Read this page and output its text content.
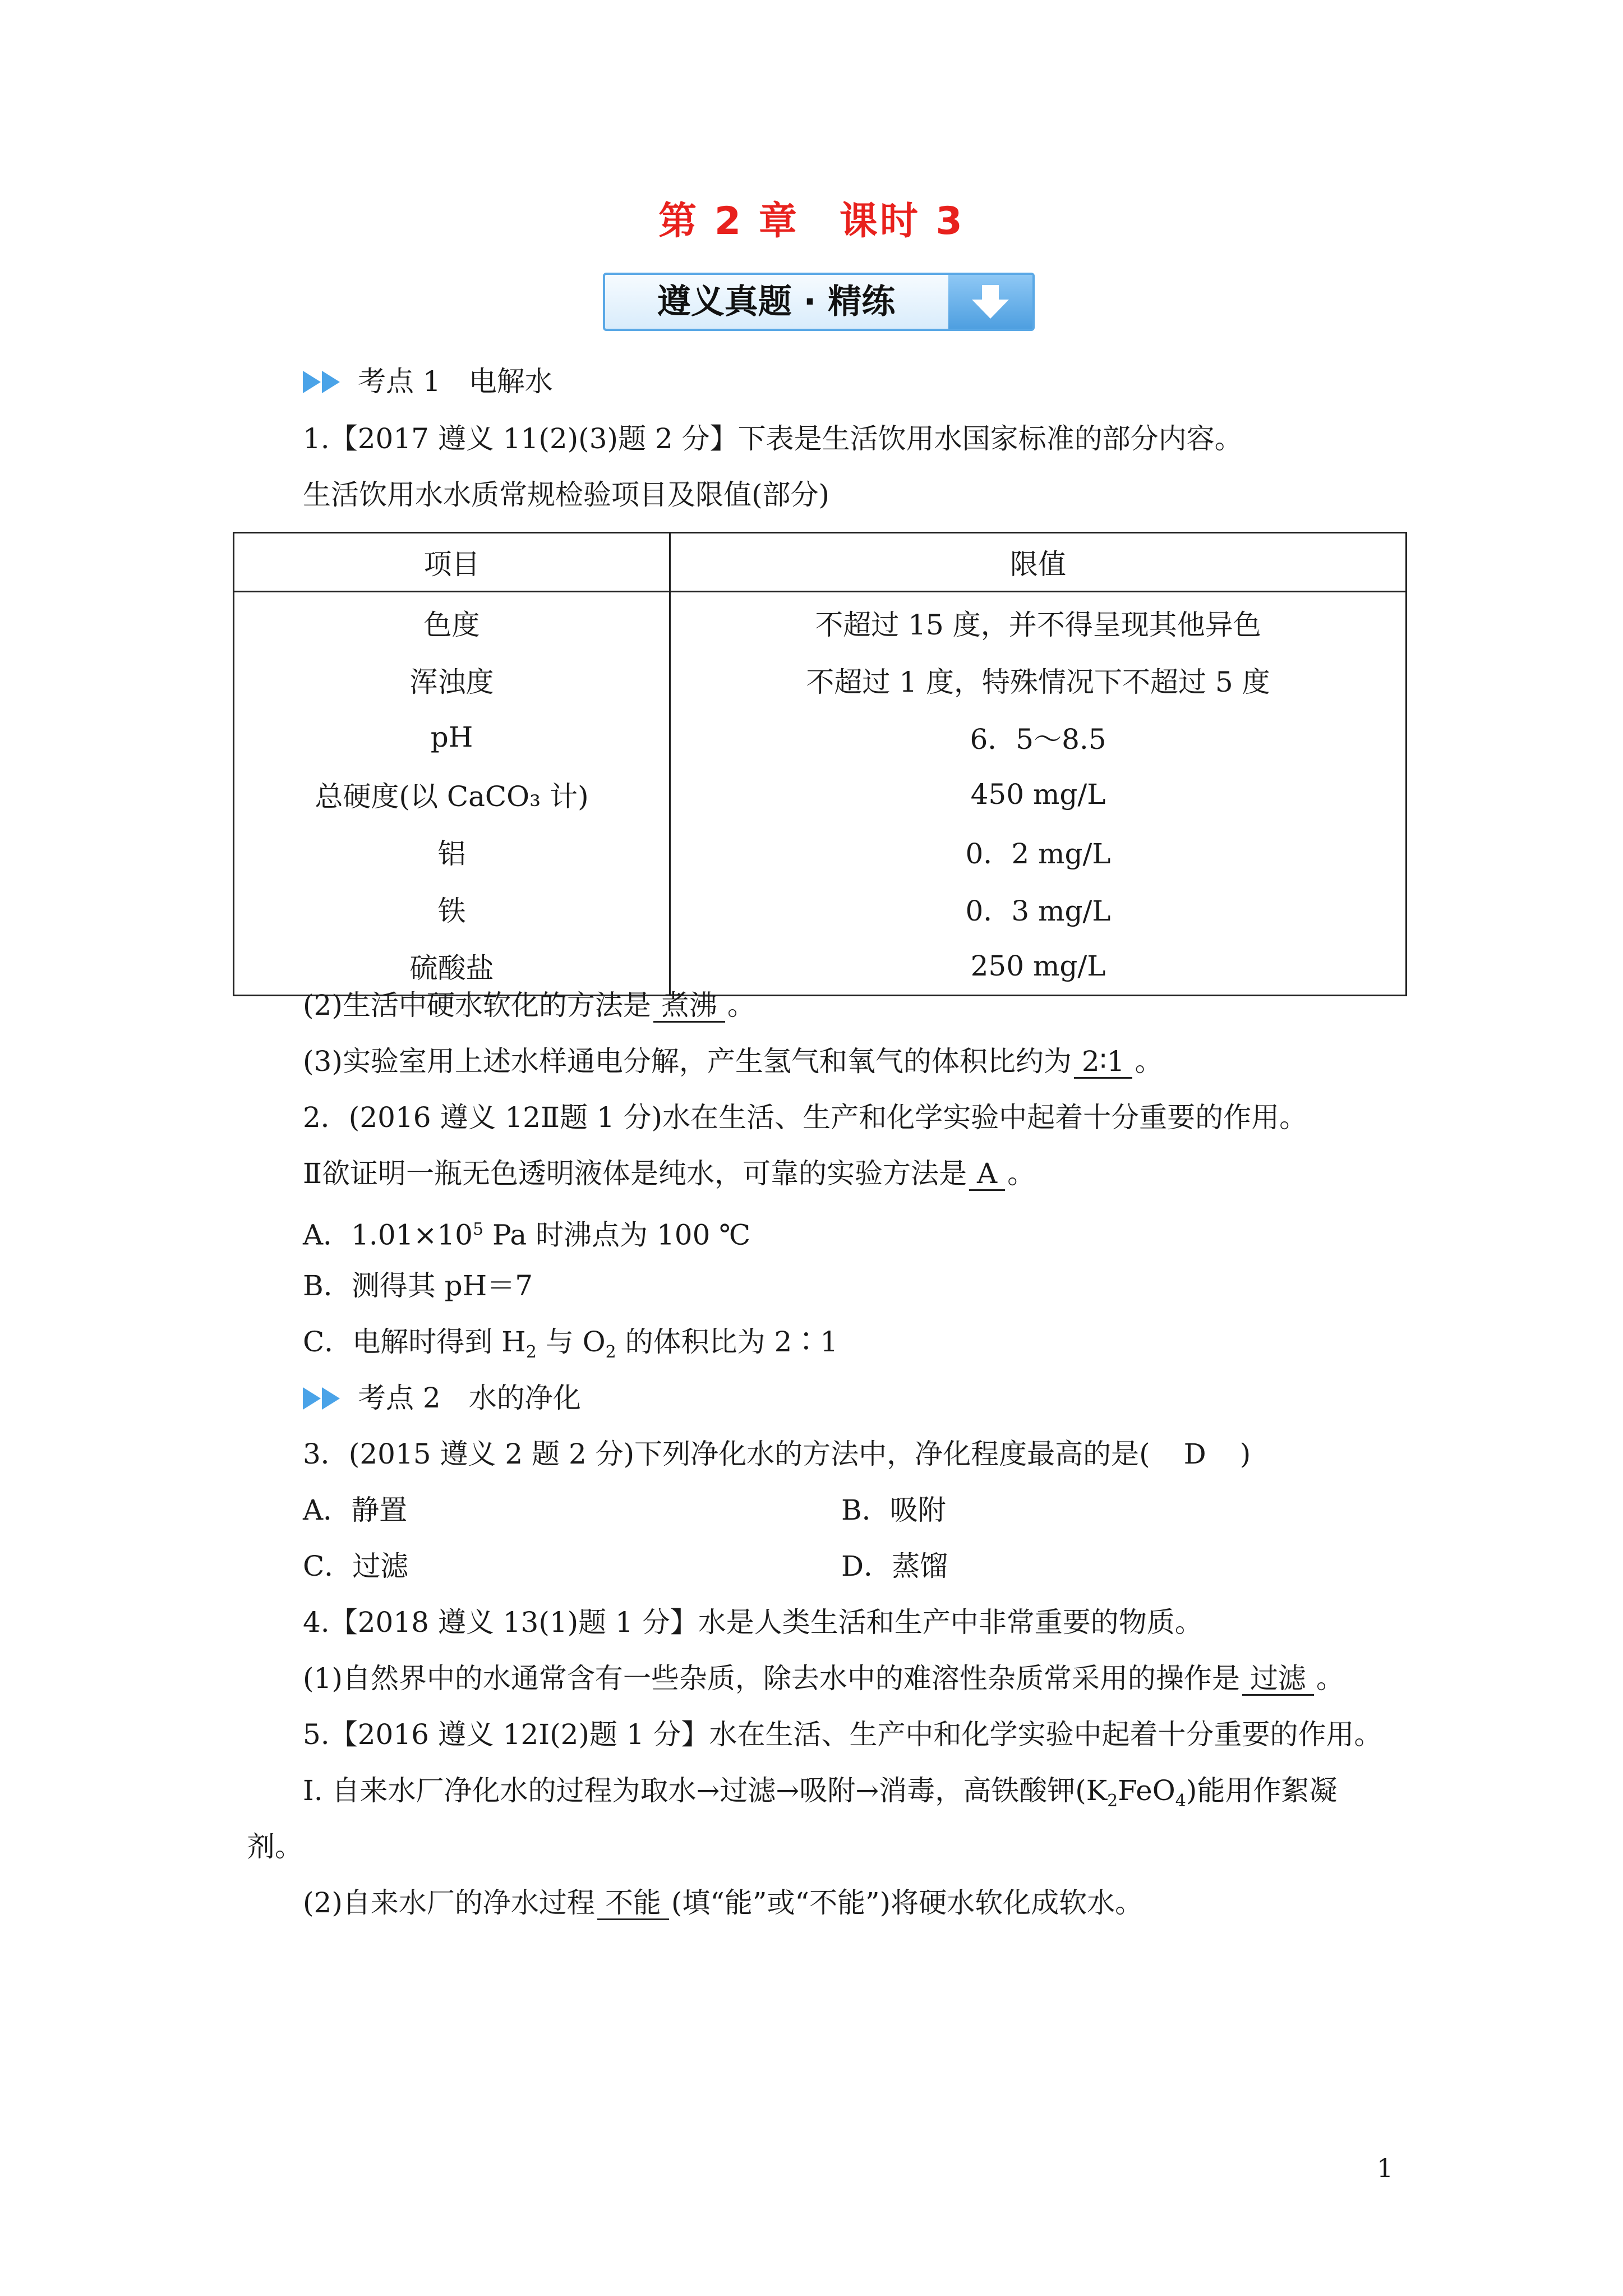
第 2 章　课时 3
遵义真题 · 精练
考点 1　电解水
1.【2017 遵义 11(2)(3)题 2 分】下表是生活饮用水国家标准的部分内容。
生活饮用水水质常规检验项目及限值(部分)
项目	限值
色度	不超过 15 度，并不得呈现其他异色
浑浊度	不超过 1 度，特殊情况下不超过 5 度
pH	6．5～8.5
总硬度(以 CaCO₃ 计)	450 mg/L
铝	0．2 mg/L
铁	0．3 mg/L
硫酸盐	250 mg/L
(2)生活中硬水软化的方法是 煮沸 。
(3)实验室用上述水样通电分解，产生氢气和氧气的体积比约为 2∶1 。
2．(2016 遵义 12Ⅱ题 1 分)水在生活、生产和化学实验中起着十分重要的作用。
Ⅱ欲证明一瓶无色透明液体是纯水，可靠的实验方法是 A 。
A．$1.01\times 10^5$ Pa 时沸点为 100 ℃
B．测得其 pH＝7
C．电解时得到 $H_2$ 与 $O_2$ 的体积比为 2∶1
考点 2　水的净化
3．(2015 遵义 2 题 2 分)下列净化水的方法中，净化程度最高的是( D )
A．静置	B．吸附
C．过滤	D．蒸馏
4.【2018 遵义 13(1)题 1 分】水是人类生活和生产中非常重要的物质。
(1)自然界中的水通常含有一些杂质，除去水中的难溶性杂质常采用的操作是 过滤 。
5.【2016 遵义 12Ⅰ(2)题 1 分】水在生活、生产中和化学实验中起着十分重要的作用。
Ⅰ. 自来水厂净化水的过程为取水→过滤→吸附→消毒，高铁酸钾$(K_2FeO_4)$能用作絮凝
剂。
(2)自来水厂的净水过程 不能 (填“能”或“不能”)将硬水软化成软水。
1
